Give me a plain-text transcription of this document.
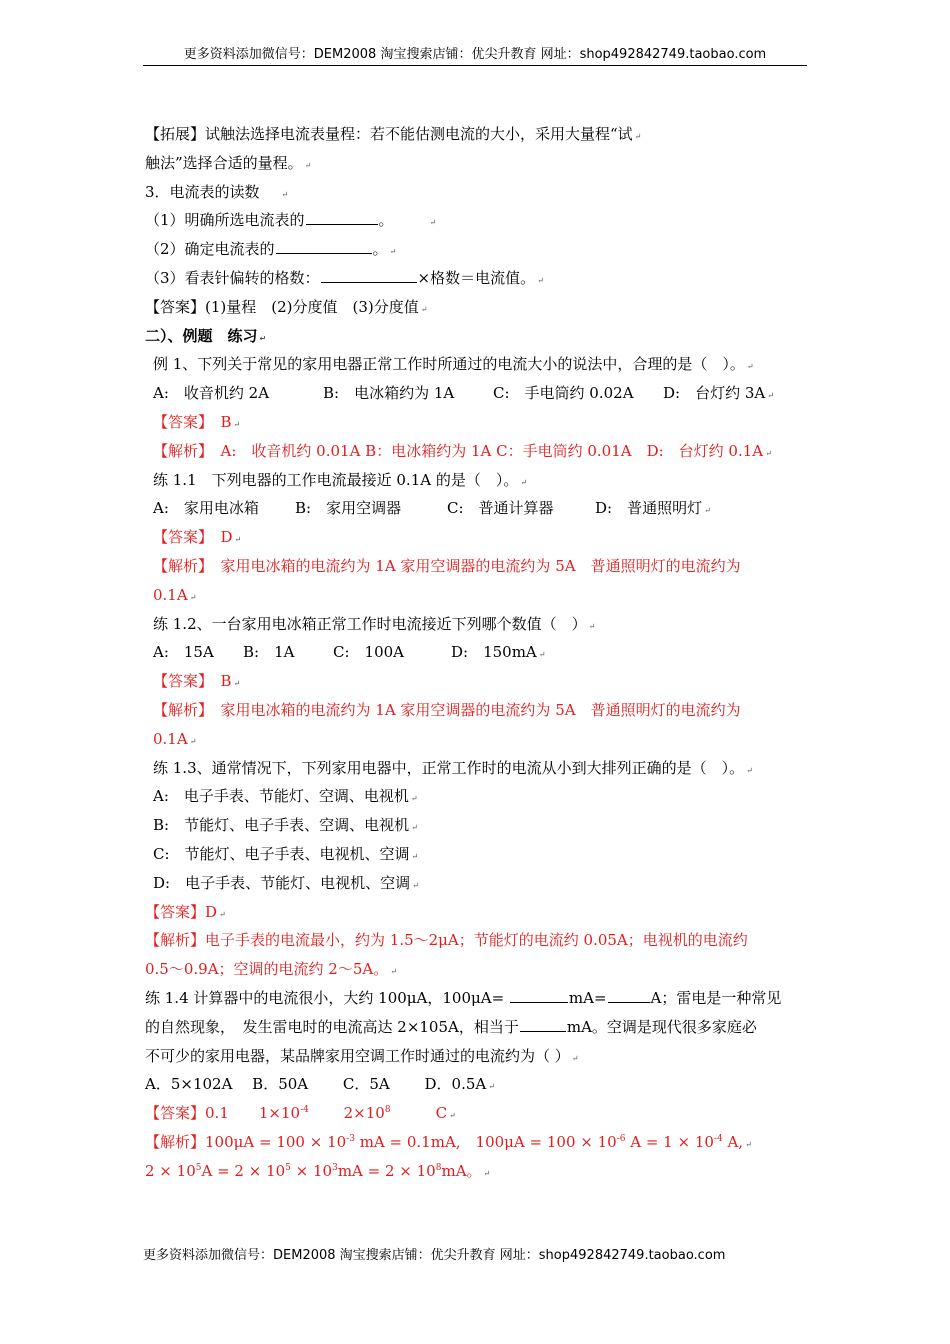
更多资料添加微信号：DEM2008 淘宝搜索店铺：优尖升教育 网址：shop492842749.taobao.com
【拓展】试触法选择电流表量程：若不能估测电流的大小，采用大量程“试 ↵
触法”选择合适的量程。 ↵
3．电流表的读数	↵
（1）明确所选电流表的	。	↵
（2）确定电流表的	。 ↵
（3）看表针偏转的格数：	×格数＝电流值。 ↵
【答案】(1)量程　(2)分度值　(3)分度值 ↵
二）、例题　练习 ↵
例 1、下列关于常见的家用电器正常工作时所通过的电流大小的说法中，合理的是（　）。 ↵
A:　收音机约 2A	B:　电冰箱约为 1A	C:　手电筒约 0.02A D:　台灯约 3A ↵
【答案】　B ↵
【解析】　A:　收音机约 0.01A B：电冰箱约为 1A C：手电筒约 0.01A　D:　台灯约 0.1A ↵
练 1.1　下列电器的工作电流最接近 0.1A 的是（　）。 ↵
A:　家用电冰箱 B:　家用空调器	C:　普通计算器	D:　普通照明灯 ↵
【答案】　D ↵
【解析】　家用电冰箱的电流约为 1A 家用空调器的电流约为 5A　普通照明灯的电流约为
0.1A ↵
练 1.2、一台家用电冰箱正常工作时电流接近下列哪个数值（　） ↵
A:　15A B:　1A	C:　100A	D:　150mA ↵
【答案】　B ↵
【解析】　家用电冰箱的电流约为 1A 家用空调器的电流约为 5A　普通照明灯的电流约为
0.1A ↵
练 1.3、通常情况下，下列家用电器中，正常工作时的电流从小到大排列正确的是（　）。 ↵
A:　电子手表、节能灯、空调、电视机 ↵
B:　节能灯、电子手表、空调、电视机 ↵
C:　节能灯、电子手表、电视机、空调 ↵
D:　电子手表、节能灯、电视机、空调 ↵
【答案】D ↵
【解析】电子手表的电流最小，约为 1.5～2μA；节能灯的电流约 0.05A；电视机的电流约
0.5～0.9A；空调的电流约 2～5A。 ↵
练 1.4 计算器中的电流很小，大约 100μA，100μA=	mA=	A；雷电是一种常见
的自然现象，　发生雷电时的电流高达 2×105A，相当于	mA。空调是现代很多家庭必
不可少的家用电器，某品牌家用空调工作时通过的电流约为（ ） ↵
A．5×102A　 B．50A　　 C．5A　　 D．0.5A ↵
【答案】0.1　　$1\times 10^{-4}$　　 $2\times 10^8$　　　C ↵
【解析】$100\mu A = 100 \times 10^{-3}$ mA = 0.1mA,　$100\mu A = 100 \times 10^{-6}$ $A = 1 \times 10^{-4}$ A, ↵
$2 \times 10^5A = 2 \times 10^5 \times 10^3mA = 2 \times 10^8mA$。 ↵
更多资料添加微信号：DEM2008 淘宝搜索店铺：优尖升教育 网址：shop492842749.taobao.com
